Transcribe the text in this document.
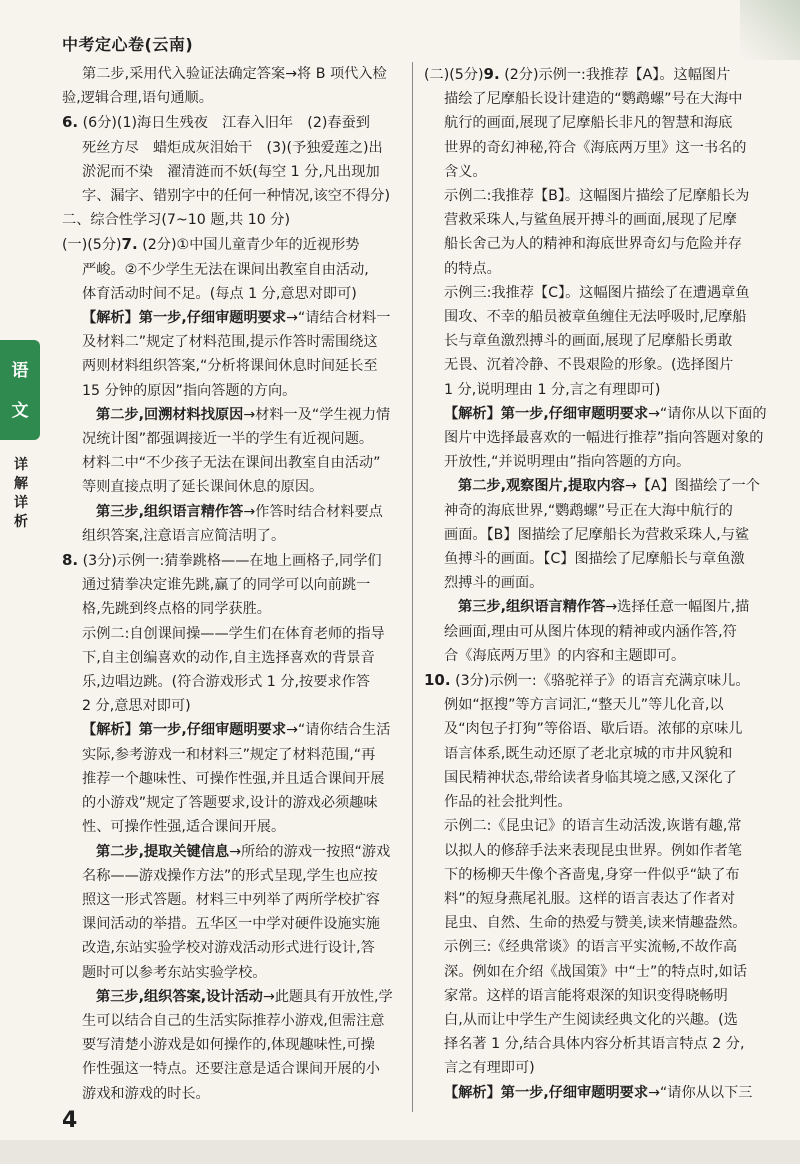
中考定心卷(云南)
语
文
详解详析

第二步,采用代入验证法确定答案→将 B 项代入检

验,逻辑合理,语句通顺。

6. (6分)(1)海日生残夜　江春入旧年　(2)春蚕到

死丝方尽　蜡炬成灰泪始干　(3)(予独爱莲之)出

淤泥而不染　濯清涟而不妖(每空 1 分,凡出现加

字、漏字、错别字中的任何一种情况,该空不得分)

二、综合性学习(7~10 题,共 10 分)

(一)(5分)7. (2分)①中国儿童青少年的近视形势

严峻。②不少学生无法在课间出教室自由活动,

体育活动时间不足。(每点 1 分,意思对即可)

【解析】第一步,仔细审题明要求→“请结合材料一

及材料二”规定了材料范围,提示作答时需围绕这

两则材料组织答案,“分析将课间休息时间延长至

15 分钟的原因”指向答题的方向。

第二步,回溯材料找原因→材料一及“学生视力情

况统计图”都强调接近一半的学生有近视问题。

材料二中“不少孩子无法在课间出教室自由活动”

等则直接点明了延长课间休息的原因。

第三步,组织语言精作答→作答时结合材料要点

组织答案,注意语言应简洁明了。

8. (3分)示例一:猜拳跳格——在地上画格子,同学们

通过猜拳决定谁先跳,赢了的同学可以向前跳一

格,先跳到终点格的同学获胜。

示例二:自创课间操——学生们在体育老师的指导

下,自主创编喜欢的动作,自主选择喜欢的背景音

乐,边唱边跳。(符合游戏形式 1 分,按要求作答

2 分,意思对即可)

【解析】第一步,仔细审题明要求→“请你结合生活

实际,参考游戏一和材料三”规定了材料范围,“再

推荐一个趣味性、可操作性强,并且适合课间开展

的小游戏”规定了答题要求,设计的游戏必须趣味

性、可操作性强,适合课间开展。

第二步,提取关键信息→所给的游戏一按照“游戏

名称——游戏操作方法”的形式呈现,学生也应按

照这一形式答题。材料三中列举了两所学校扩容

课间活动的举措。五华区一中学对硬件设施实施

改造,东站实验学校对游戏活动形式进行设计,答

题时可以参考东站实验学校。

第三步,组织答案,设计活动→此题具有开放性,学

生可以结合自己的生活实际推荐小游戏,但需注意

要写清楚小游戏是如何操作的,体现趣味性,可操

作性强这一特点。还要注意是适合课间开展的小

游戏和游戏的时长。

(二)(5分)9. (2分)示例一:我推荐【A】。这幅图片

描绘了尼摩船长设计建造的“鹦鹉螺”号在大海中

航行的画面,展现了尼摩船长非凡的智慧和海底

世界的奇幻神秘,符合《海底两万里》这一书名的

含义。

示例二:我推荐【B】。这幅图片描绘了尼摩船长为

营救采珠人,与鲨鱼展开搏斗的画面,展现了尼摩

船长舍己为人的精神和海底世界奇幻与危险并存

的特点。

示例三:我推荐【C】。这幅图片描绘了在遭遇章鱼

围攻、不幸的船员被章鱼缠住无法呼吸时,尼摩船

长与章鱼激烈搏斗的画面,展现了尼摩船长勇敢

无畏、沉着冷静、不畏艰险的形象。(选择图片

1 分,说明理由 1 分,言之有理即可)

【解析】第一步,仔细审题明要求→“请你从以下面的

图片中选择最喜欢的一幅进行推荐”指向答题对象的

开放性,“并说明理由”指向答题的方向。

第二步,观察图片,提取内容→【A】图描绘了一个

神奇的海底世界,“鹦鹉螺”号正在大海中航行的

画面。【B】图描绘了尼摩船长为营救采珠人,与鲨

鱼搏斗的画面。【C】图描绘了尼摩船长与章鱼激

烈搏斗的画面。

第三步,组织语言精作答→选择任意一幅图片,描

绘画面,理由可从图片体现的精神或内涵作答,符

合《海底两万里》的内容和主题即可。

10. (3分)示例一:《骆驼祥子》的语言充满京味儿。

例如“抠搜”等方言词汇,“整天儿”等儿化音,以

及“肉包子打狗”等俗语、歇后语。浓郁的京味儿

语言体系,既生动还原了老北京城的市井风貌和

国民精神状态,带给读者身临其境之感,又深化了

作品的社会批判性。

示例二:《昆虫记》的语言生动活泼,诙谐有趣,常

以拟人的修辞手法来表现昆虫世界。例如作者笔

下的杨柳天牛像个吝啬鬼,身穿一件似乎“缺了布

料”的短身燕尾礼服。这样的语言表达了作者对

昆虫、自然、生命的热爱与赞美,读来情趣盎然。

示例三:《经典常谈》的语言平实流畅,不故作高

深。例如在介绍《战国策》中“士”的特点时,如话

家常。这样的语言能将艰深的知识变得晓畅明

白,从而让中学生产生阅读经典文化的兴趣。(选

择名著 1 分,结合具体内容分析其语言特点 2 分,

言之有理即可)

【解析】第一步,仔细审题明要求→“请你从以下三

4
